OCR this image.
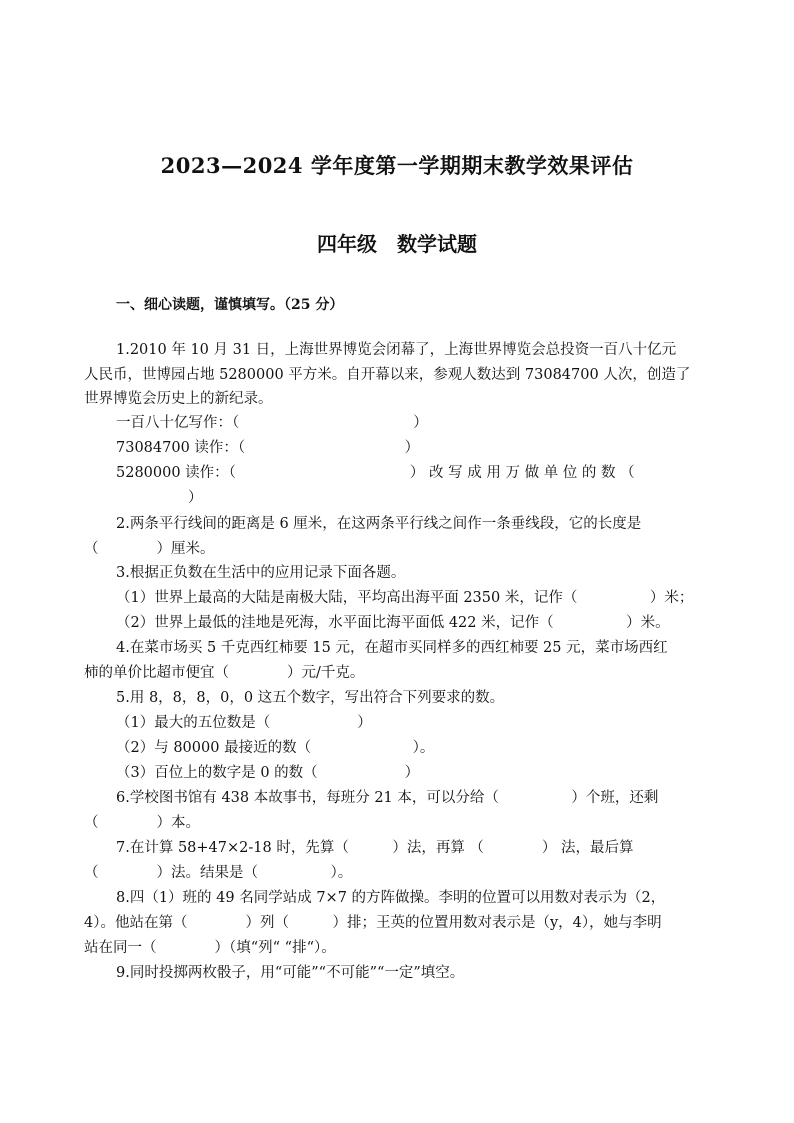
2023—2024 学年度第一学期期末教学效果评估
四年级　数学试题
一、细心读题，谨慎填写。（25 分）
1.2010 年 10 月 31 日，上海世界博览会闭幕了，上海世界博览会总投资一百八十亿元
人民币，世博园占地 5280000 平方米。自开幕以来，参观人数达到 73084700 人次，创造了
世界博览会历史上的新纪录。
一百八十亿写作：（　　　　　　　　　　　　）
73084700 读作：（　　　　　　　　　　　）
5280000 读作：（　　　　　　　　　　　　） 改 写 成 用 万 做 单 位 的 数 （
）
2.两条平行线间的距离是 6 厘米，在这两条平行线之间作一条垂线段，它的长度是
（　　　　）厘米。
3.根据正负数在生活中的应用记录下面各题。
（1）世界上最高的大陆是南极大陆，平均高出海平面 2350 米，记作（　　　　　）米；
（2）世界上最低的洼地是死海，水平面比海平面低 422 米，记作（　　　　　）米。
4.在菜市场买 5 千克西红柿要 15 元，在超市买同样多的西红柿要 25 元，菜市场西红
柿的单价比超市便宜（　　　　）元/千克。
5.用 8，8，8，0，0 这五个数字，写出符合下列要求的数。
（1）最大的五位数是（　　　　　　）
（2）与 80000 最接近的数（　　　　　　　）。
（3）百位上的数字是 0 的数（　　　　　　）
6.学校图书馆有 438 本故事书，每班分 21 本，可以分给（　　　　　）个班，还剩
（　　　　）本。
7.在计算 58+47×2-18 时，先算（　　　）法，再算 （　　　　） 法，最后算
（　　　　）法。结果是（　　　　　）。
8.四（1）班的 49 名同学站成 7×7 的方阵做操。李明的位置可以用数对表示为（2，
4）。他站在第（　　　　）列（　　　）排；王英的位置用数对表示是（y，4），她与李明
站在同一（　　　　）（填“列“ “排“）。
9.同时投掷两枚骰子，用“可能”“不可能”“一定”填空。
